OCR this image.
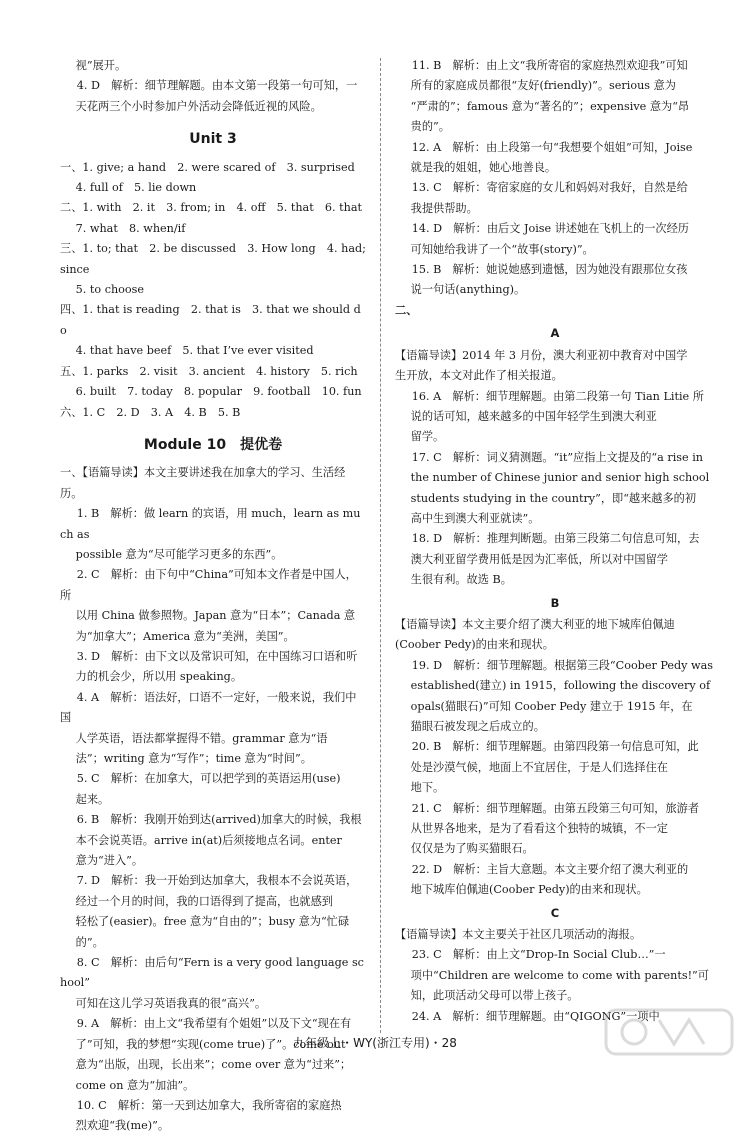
视”展开。
4. D　解析：细节理解题。由本文第一段第一句可知，一
天花两三个小时参加户外活动会降低近视的风险。
Unit 3
一、1. give; a hand　2. were scared of　3. surprised
4. full of　5. lie down
二、1. with　2. it　3. from; in　4. off　5. that　6. that
7. what　8. when/if
三、1. to; that　2. be discussed　3. How long　4. had; since
5. to choose
四、1. that is reading　2. that is　3. that we should do
4. that have beef　5. that I’ve ever visited
五、1. parks　2. visit　3. ancient　4. history　5. rich
6. built　7. today　8. popular　9. football　10. fun
六、1. C　2. D　3. A　4. B　5. B
Module 10　提优卷
一、【语篇导读】本文主要讲述我在加拿大的学习、生活经历。
1. B　解析：做 learn 的宾语，用 much，learn as much as
possible 意为“尽可能学习更多的东西”。
2. C　解析：由下句中“China”可知本文作者是中国人，所
以用 China 做参照物。Japan 意为“日本”；Canada 意
为“加拿大”；America 意为“美洲，美国”。
3. D　解析：由下文以及常识可知，在中国练习口语和听
力的机会少，所以用 speaking。
4. A　解析：语法好，口语不一定好，一般来说，我们中国
人学英语，语法都掌握得不错。grammar 意为“语
法”；writing 意为“写作”；time 意为“时间”。
5. C　解析：在加拿大，可以把学到的英语运用(use)
起来。
6. B　解析：我刚开始到达(arrived)加拿大的时候，我根
本不会说英语。arrive in(at)后须接地点名词。enter
意为“进入”。
7. D　解析：我一开始到达加拿大，我根本不会说英语，
经过一个月的时间，我的口语得到了提高，也就感到
轻松了(easier)。free 意为“自由的”；busy 意为“忙碌
的”。
8. C　解析：由后句“Fern is a very good language school”
可知在这儿学习英语我真的很“高兴”。
9. A　解析：由上文“我希望有个姐姐”以及下文“现在有
了”可知，我的梦想“实现(come true)了”。come out
意为“出版，出现，长出来”；come over 意为“过来”；
come on 意为“加油”。
10. C　解析：第一天到达加拿大，我所寄宿的家庭热
烈欢迎“我(me)”。
11. B　解析：由上文“我所寄宿的家庭热烈欢迎我”可知
所有的家庭成员都很“友好(friendly)”。serious 意为
“严肃的”；famous 意为“著名的”；expensive 意为“昂
贵的”。
12. A　解析：由上段第一句“我想要个姐姐”可知，Joise
就是我的姐姐，她心地善良。
13. C　解析：寄宿家庭的女儿和妈妈对我好，自然是给
我提供帮助。
14. D　解析：由后文 Joise 讲述她在飞机上的一次经历
可知她给我讲了一个“故事(story)”。
15. B　解析：她说她感到遗憾，因为她没有跟那位女孩
说一句话(anything)。
二、
A
【语篇导读】2014 年 3 月份，澳大利亚初中教育对中国学
生开放，本文对此作了相关报道。
16. A　解析：细节理解题。由第二段第一句 Tian Litie 所
说的话可知，越来越多的中国年轻学生到澳大利亚
留学。
17. C　解析：词义猜测题。“it”应指上文提及的“a rise in
the number of Chinese junior and senior high school
students studying in the country”，即“越来越多的初
高中生到澳大利亚就读”。
18. D　解析：推理判断题。由第三段第二句信息可知，去
澳大利亚留学费用低是因为汇率低，所以对中国留学
生很有利。故选 B。
B
【语篇导读】本文主要介绍了澳大利亚的地下城库伯佩迪
(Coober Pedy)的由来和现状。
19. D　解析：细节理解题。根据第三段“Coober Pedy was
established(建立) in 1915，following the discovery of
opals(猫眼石)”可知 Coober Pedy 建立于 1915 年，在
猫眼石被发现之后成立的。
20. B　解析：细节理解题。由第四段第一句信息可知，此
处是沙漠气候，地面上不宜居住，于是人们选择住在
地下。
21. C　解析：细节理解题。由第五段第三句可知，旅游者
从世界各地来，是为了看看这个独特的城镇，不一定
仅仅是为了购买猫眼石。
22. D　解析：主旨大意题。本文主要介绍了澳大利亚的
地下城库伯佩迪(Coober Pedy)的由来和现状。
C
【语篇导读】本文主要关于社区几项活动的海报。
23. C　解析：由上文“Drop-In Social Club…”一
项中“Children are welcome to come with parents!”可
知，此项活动父母可以带上孩子。
24. A　解析：细节理解题。由“QIGONG”一项中
九年级上・WY(浙江专用)・28
